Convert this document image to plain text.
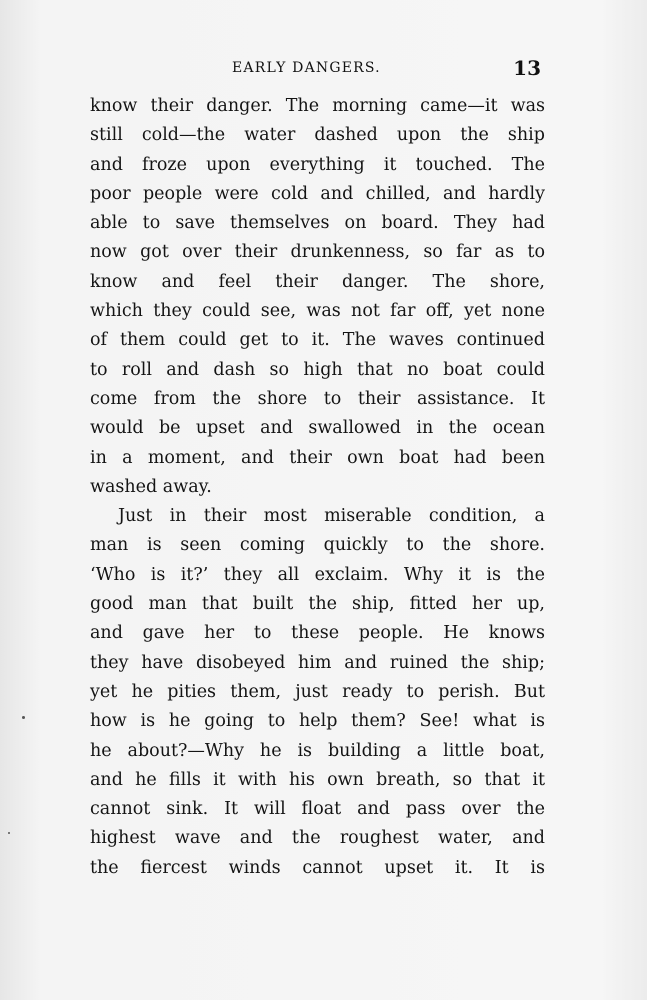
EARLY DANGERS.	13
know their danger. The morning came—it was
still cold—the water dashed upon the ship
and froze upon everything it touched. The
poor people were cold and chilled, and hardly
able to save themselves on board. They had
now got over their drunkenness, so far as to
know and feel their danger. The shore,
which they could see, was not far off, yet none
of them could get to it. The waves continued
to roll and dash so high that no boat could
come from the shore to their assistance. It
would be upset and swallowed in the ocean
in a moment, and their own boat had been
washed away.
Just in their most miserable condition, a
man is seen coming quickly to the shore.
‘Who is it?’ they all exclaim. Why it is the
good man that built the ship, fitted her up,
and gave her to these people. He knows
they have disobeyed him and ruined the ship;
yet he pities them, just ready to perish. But
how is he going to help them? See! what is
he about?—Why he is building a little boat,
and he fills it with his own breath, so that it
cannot sink. It will float and pass over the
highest wave and the roughest water, and
the fiercest winds cannot upset it. It is
